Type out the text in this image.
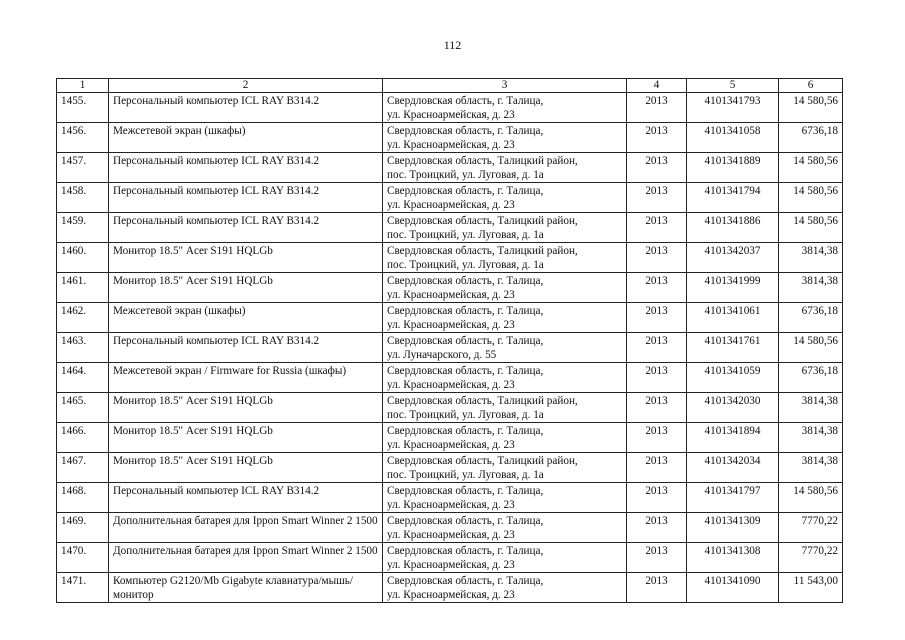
112
1	2	3	4	5	6
1455.	Персональный компьютер ICL RAY B314.2	Свердловская область, г. Талица,
ул. Красноармейская, д. 23	2013	4101341793	14 580,56
1456.	Межсетевой экран (шкафы)	Свердловская область, г. Талица,
ул. Красноармейская, д. 23	2013	4101341058	6736,18
1457.	Персональный компьютер ICL RAY B314.2	Свердловская область, Талицкий район,
пос. Троицкий, ул. Луговая, д. 1а	2013	4101341889	14 580,56
1458.	Персональный компьютер ICL RAY B314.2	Свердловская область, г. Талица,
ул. Красноармейская, д. 23	2013	4101341794	14 580,56
1459.	Персональный компьютер ICL RAY B314.2	Свердловская область, Талицкий район,
пос. Троицкий, ул. Луговая, д. 1а	2013	4101341886	14 580,56
1460.	Монитор 18.5" Acer S191 HQLGb	Свердловская область, Талицкий район,
пос. Троицкий, ул. Луговая, д. 1а	2013	4101342037	3814,38
1461.	Монитор 18.5" Acer S191 HQLGb	Свердловская область, г. Талица,
ул. Красноармейская, д. 23	2013	4101341999	3814,38
1462.	Межсетевой экран (шкафы)	Свердловская область, г. Талица,
ул. Красноармейская, д. 23	2013	4101341061	6736,18
1463.	Персональный компьютер ICL RAY B314.2	Свердловская область, г. Талица,
ул. Луначарского, д. 55	2013	4101341761	14 580,56
1464.	Межсетевой экран / Firmware for Russia (шкафы)	Свердловская область, г. Талица,
ул. Красноармейская, д. 23	2013	4101341059	6736,18
1465.	Монитор 18.5" Acer S191 HQLGb	Свердловская область, Талицкий район,
пос. Троицкий, ул. Луговая, д. 1а	2013	4101342030	3814,38
1466.	Монитор 18.5" Acer S191 HQLGb	Свердловская область, г. Талица,
ул. Красноармейская, д. 23	2013	4101341894	3814,38
1467.	Монитор 18.5" Acer S191 HQLGb	Свердловская область, Талицкий район,
пос. Троицкий, ул. Луговая, д. 1а	2013	4101342034	3814,38
1468.	Персональный компьютер ICL RAY B314.2	Свердловская область, г. Талица,
ул. Красноармейская, д. 23	2013	4101341797	14 580,56
1469.	Дополнительная батарея для Ippon Smart Winner 2 1500	Свердловская область, г. Талица,
ул. Красноармейская, д. 23	2013	4101341309	7770,22
1470.	Дополнительная батарея для Ippon Smart Winner 2 1500	Свердловская область, г. Талица,
ул. Красноармейская, д. 23	2013	4101341308	7770,22
1471.	Компьютер G2120/Mb Gigabyte клавиатура/мышь/монитор	Свердловская область, г. Талица,
ул. Красноармейская, д. 23	2013	4101341090	11 543,00
